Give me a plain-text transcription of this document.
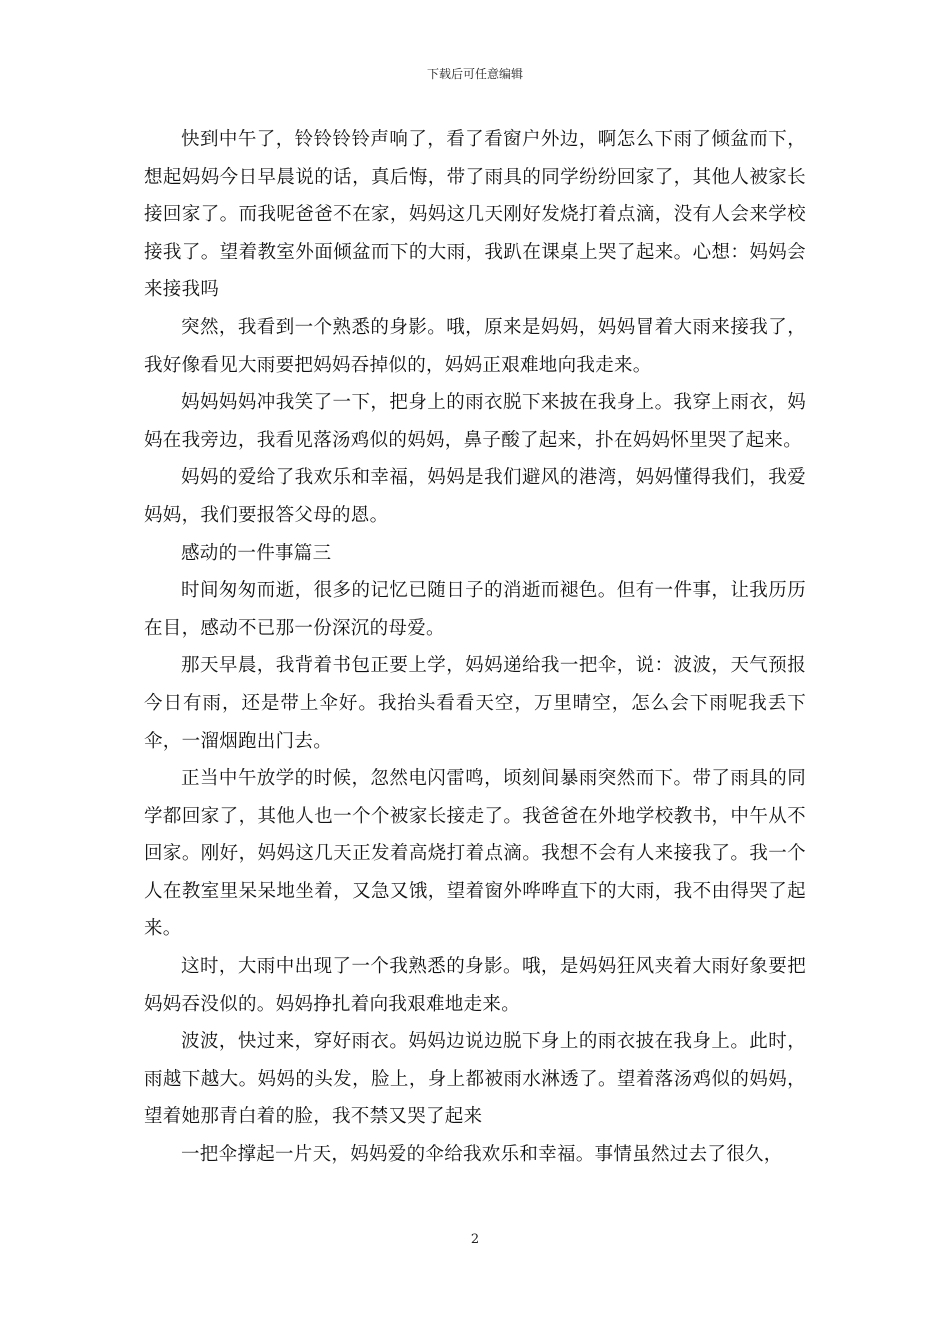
下载后可任意编辑

快到中午了，铃铃铃铃声响了，看了看窗户外边，啊怎么下雨了倾盆而下，想起妈妈今日早晨说的话，真后悔，带了雨具的同学纷纷回家了，其他人被家长接回家了。而我呢爸爸不在家，妈妈这几天刚好发烧打着点滴，没有人会来学校接我了。望着教室外面倾盆而下的大雨，我趴在课桌上哭了起来。心想：妈妈会来接我吗

突然，我看到一个熟悉的身影。哦，原来是妈妈，妈妈冒着大雨来接我了，我好像看见大雨要把妈妈吞掉似的，妈妈正艰难地向我走来。

妈妈妈妈冲我笑了一下，把身上的雨衣脱下来披在我身上。我穿上雨衣，妈妈在我旁边，我看见落汤鸡似的妈妈，鼻子酸了起来，扑在妈妈怀里哭了起来。

妈妈的爱给了我欢乐和幸福，妈妈是我们避风的港湾，妈妈懂得我们，我爱妈妈，我们要报答父母的恩。

感动的一件事篇三

时间匆匆而逝，很多的记忆已随日子的消逝而褪色。但有一件事，让我历历在目，感动不已那一份深沉的母爱。

那天早晨，我背着书包正要上学，妈妈递给我一把伞，说：波波，天气预报今日有雨，还是带上伞好。我抬头看看天空，万里晴空，怎么会下雨呢我丢下伞，一溜烟跑出门去。

正当中午放学的时候，忽然电闪雷鸣，顷刻间暴雨突然而下。带了雨具的同学都回家了，其他人也一个个被家长接走了。我爸爸在外地学校教书，中午从不回家。刚好，妈妈这几天正发着高烧打着点滴。我想不会有人来接我了。我一个人在教室里呆呆地坐着，又急又饿，望着窗外哗哗直下的大雨，我不由得哭了起来。

这时，大雨中出现了一个我熟悉的身影。哦，是妈妈狂风夹着大雨好象要把妈妈吞没似的。妈妈挣扎着向我艰难地走来。

波波，快过来，穿好雨衣。妈妈边说边脱下身上的雨衣披在我身上。此时，雨越下越大。妈妈的头发，脸上，身上都被雨水淋透了。望着落汤鸡似的妈妈，望着她那青白着的脸，我不禁又哭了起来

一把伞撑起一片天，妈妈爱的伞给我欢乐和幸福。事情虽然过去了很久，

2
